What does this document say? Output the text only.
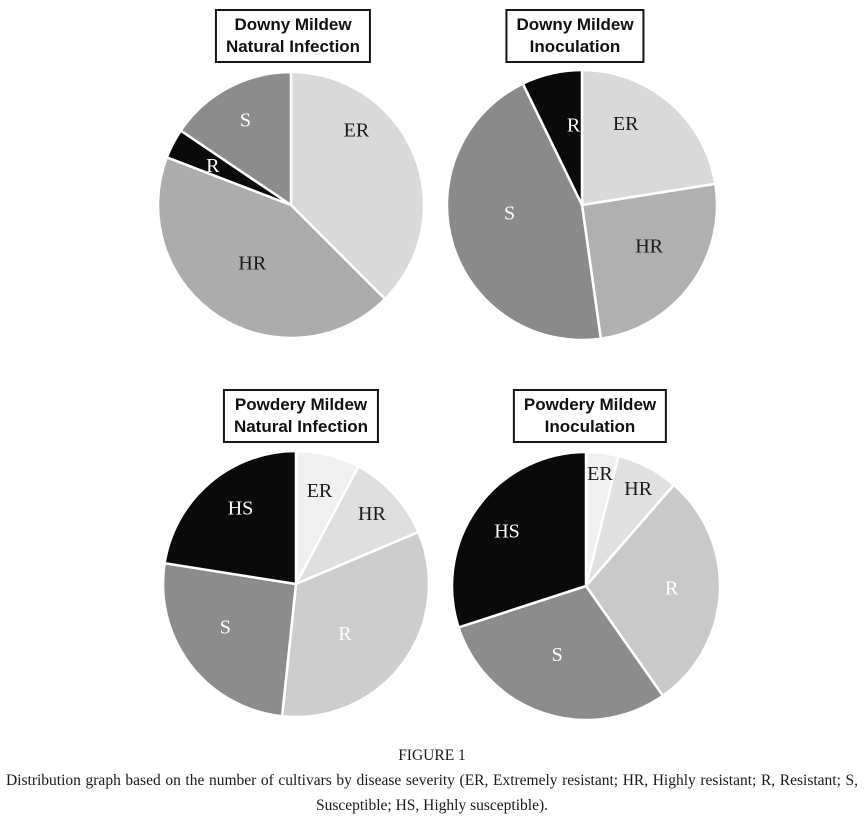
Downy Mildew
Natural Infection
ER
HR
R
S
Downy Mildew
Inoculation
ER
HR
S
R
Powdery Mildew
Natural Infection
ER
HR
R
S
HS
Powdery Mildew
Inoculation
ER
HR
R
S
HS
FIGURE 1

Distribution graph based on the number of cultivars by disease severity (ER, Extremely resistant; HR, Highly resistant; R, Resistant; S, Susceptible; HS, Highly susceptible).
